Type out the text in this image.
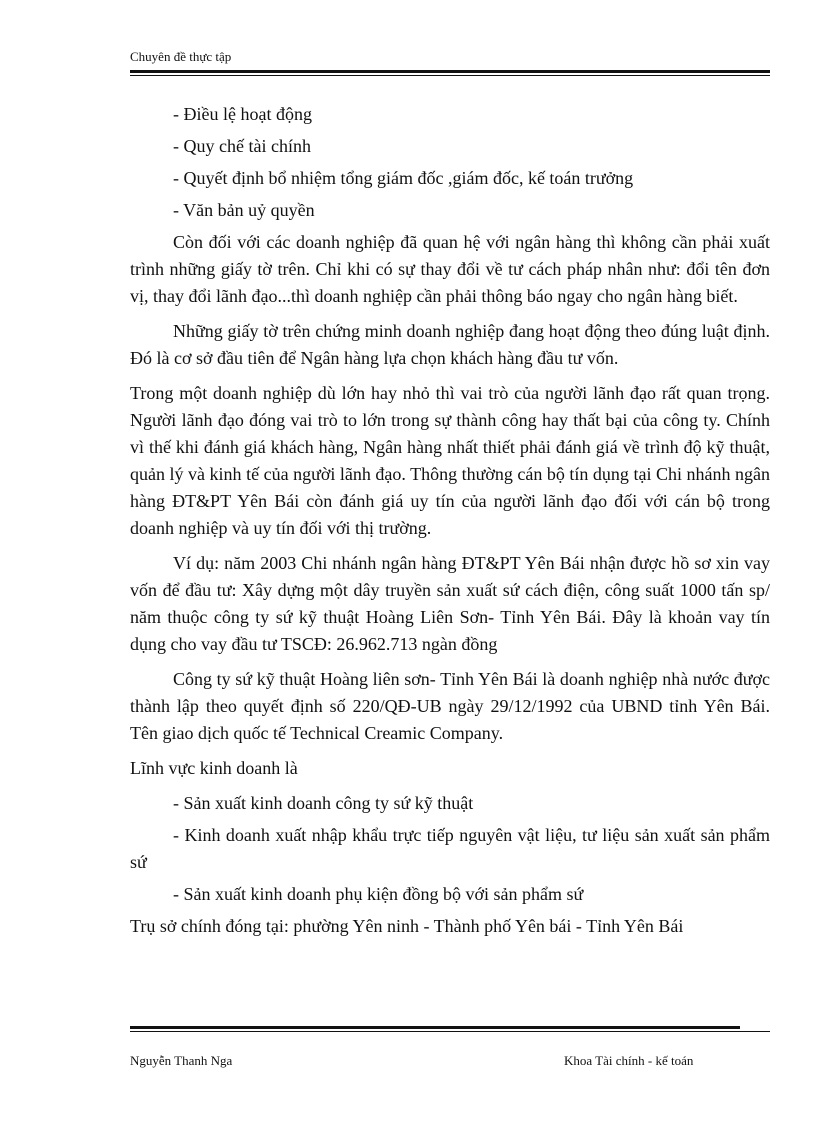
Chuyên đề thực tập

- Điều lệ hoạt động

- Quy chế tài chính

- Quyết định bổ nhiệm tổng giám đốc ,giám đốc, kế toán trưởng

- Văn bản uỷ quyền

Còn đối với các doanh nghiệp đã quan hệ với ngân hàng thì không cần phải xuất trình những giấy tờ trên. Chỉ khi có sự thay đổi về tư cách pháp nhân như: đổi tên đơn vị, thay đổi lãnh đạo...thì doanh nghiệp cần phải thông báo ngay cho ngân hàng biết.

Những giấy tờ trên chứng minh doanh nghiệp đang hoạt động theo đúng luật định. Đó là cơ sở đầu tiên để Ngân hàng lựa chọn khách hàng đầu tư vốn.

Trong một doanh nghiệp dù lớn hay nhỏ thì vai trò của người lãnh đạo rất quan trọng. Người lãnh đạo đóng vai trò to lớn trong sự thành công hay thất bại của công ty. Chính vì thế khi đánh giá khách hàng, Ngân hàng nhất thiết phải đánh giá về trình độ kỹ thuật, quản lý và kinh tế của người lãnh đạo. Thông thường cán bộ tín dụng tại Chi nhánh ngân hàng ĐT&PT Yên Bái còn đánh giá uy tín của người lãnh đạo đối với cán bộ trong doanh nghiệp và uy tín đối với thị trường.

Ví dụ: năm 2003 Chi nhánh ngân hàng ĐT&PT Yên Bái nhận được hồ sơ xin vay vốn để đầu tư: Xây dựng một dây truyền sản xuất sứ cách điện, công suất 1000 tấn sp/ năm thuộc công ty sứ kỹ thuật Hoàng Liên Sơn- Tỉnh Yên Bái. Đây là khoản vay tín dụng cho vay đầu tư TSCĐ: 26.962.713 ngàn đồng

Công ty sứ kỹ thuật Hoàng liên sơn- Tỉnh Yên Bái là doanh nghiệp nhà nước được thành lập theo quyết định số 220/QĐ-UB ngày 29/12/1992 của UBND tỉnh Yên Bái. Tên giao dịch quốc tế Technical Creamic Company.

Lĩnh vực kinh doanh là

- Sản xuất kinh doanh công ty sứ kỹ thuật

- Kinh doanh xuất nhập khẩu trực tiếp nguyên vật liệu, tư liệu sản xuất sản phẩm sứ

- Sản xuất kinh doanh phụ kiện đồng bộ với sản phẩm sứ

Trụ sở chính đóng tại: phường Yên ninh - Thành phố Yên bái - Tỉnh Yên Bái

Nguyễn Thanh Nga	Khoa Tài chính - kế toán
